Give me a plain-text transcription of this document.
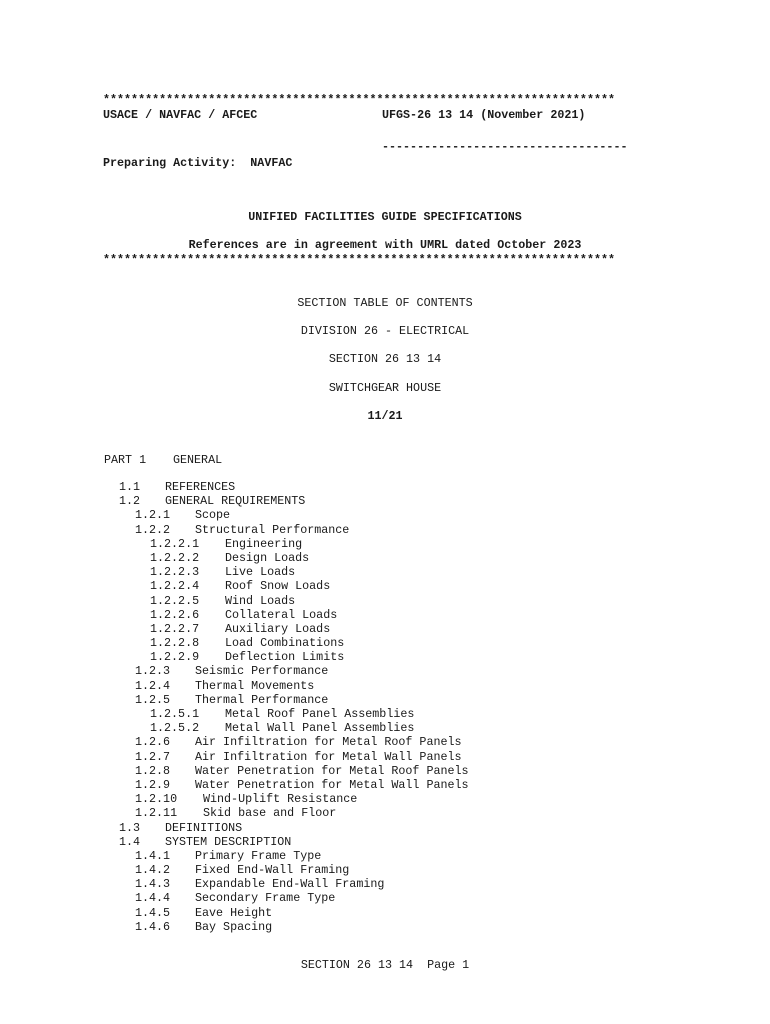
*************************************************************************
USACE / NAVFAC / AFCEC	UFGS-26 13 14 (November 2021)
-----------------------------------
Preparing Activity:  NAVFAC
UNIFIED FACILITIES GUIDE SPECIFICATIONS
References are in agreement with UMRL dated October 2023
*************************************************************************
SECTION TABLE OF CONTENTS
DIVISION 26 - ELECTRICAL
SECTION 26 13 14
SWITCHGEAR HOUSE
11/21
PART 1 GENERAL
1.1 REFERENCES
1.2 GENERAL REQUIREMENTS
1.2.1 Scope
1.2.2 Structural Performance
1.2.2.1 Engineering
1.2.2.2 Design Loads
1.2.2.3 Live Loads
1.2.2.4 Roof Snow Loads
1.2.2.5 Wind Loads
1.2.2.6 Collateral Loads
1.2.2.7 Auxiliary Loads
1.2.2.8 Load Combinations
1.2.2.9 Deflection Limits
1.2.3 Seismic Performance
1.2.4 Thermal Movements
1.2.5 Thermal Performance
1.2.5.1 Metal Roof Panel Assemblies
1.2.5.2 Metal Wall Panel Assemblies
1.2.6 Air Infiltration for Metal Roof Panels
1.2.7 Air Infiltration for Metal Wall Panels
1.2.8 Water Penetration for Metal Roof Panels
1.2.9 Water Penetration for Metal Wall Panels
1.2.10 Wind-Uplift Resistance
1.2.11 Skid base and Floor
1.3 DEFINITIONS
1.4 SYSTEM DESCRIPTION
1.4.1 Primary Frame Type
1.4.2 Fixed End-Wall Framing
1.4.3 Expandable End-Wall Framing
1.4.4 Secondary Frame Type
1.4.5 Eave Height
1.4.6 Bay Spacing
SECTION 26 13 14  Page 1
